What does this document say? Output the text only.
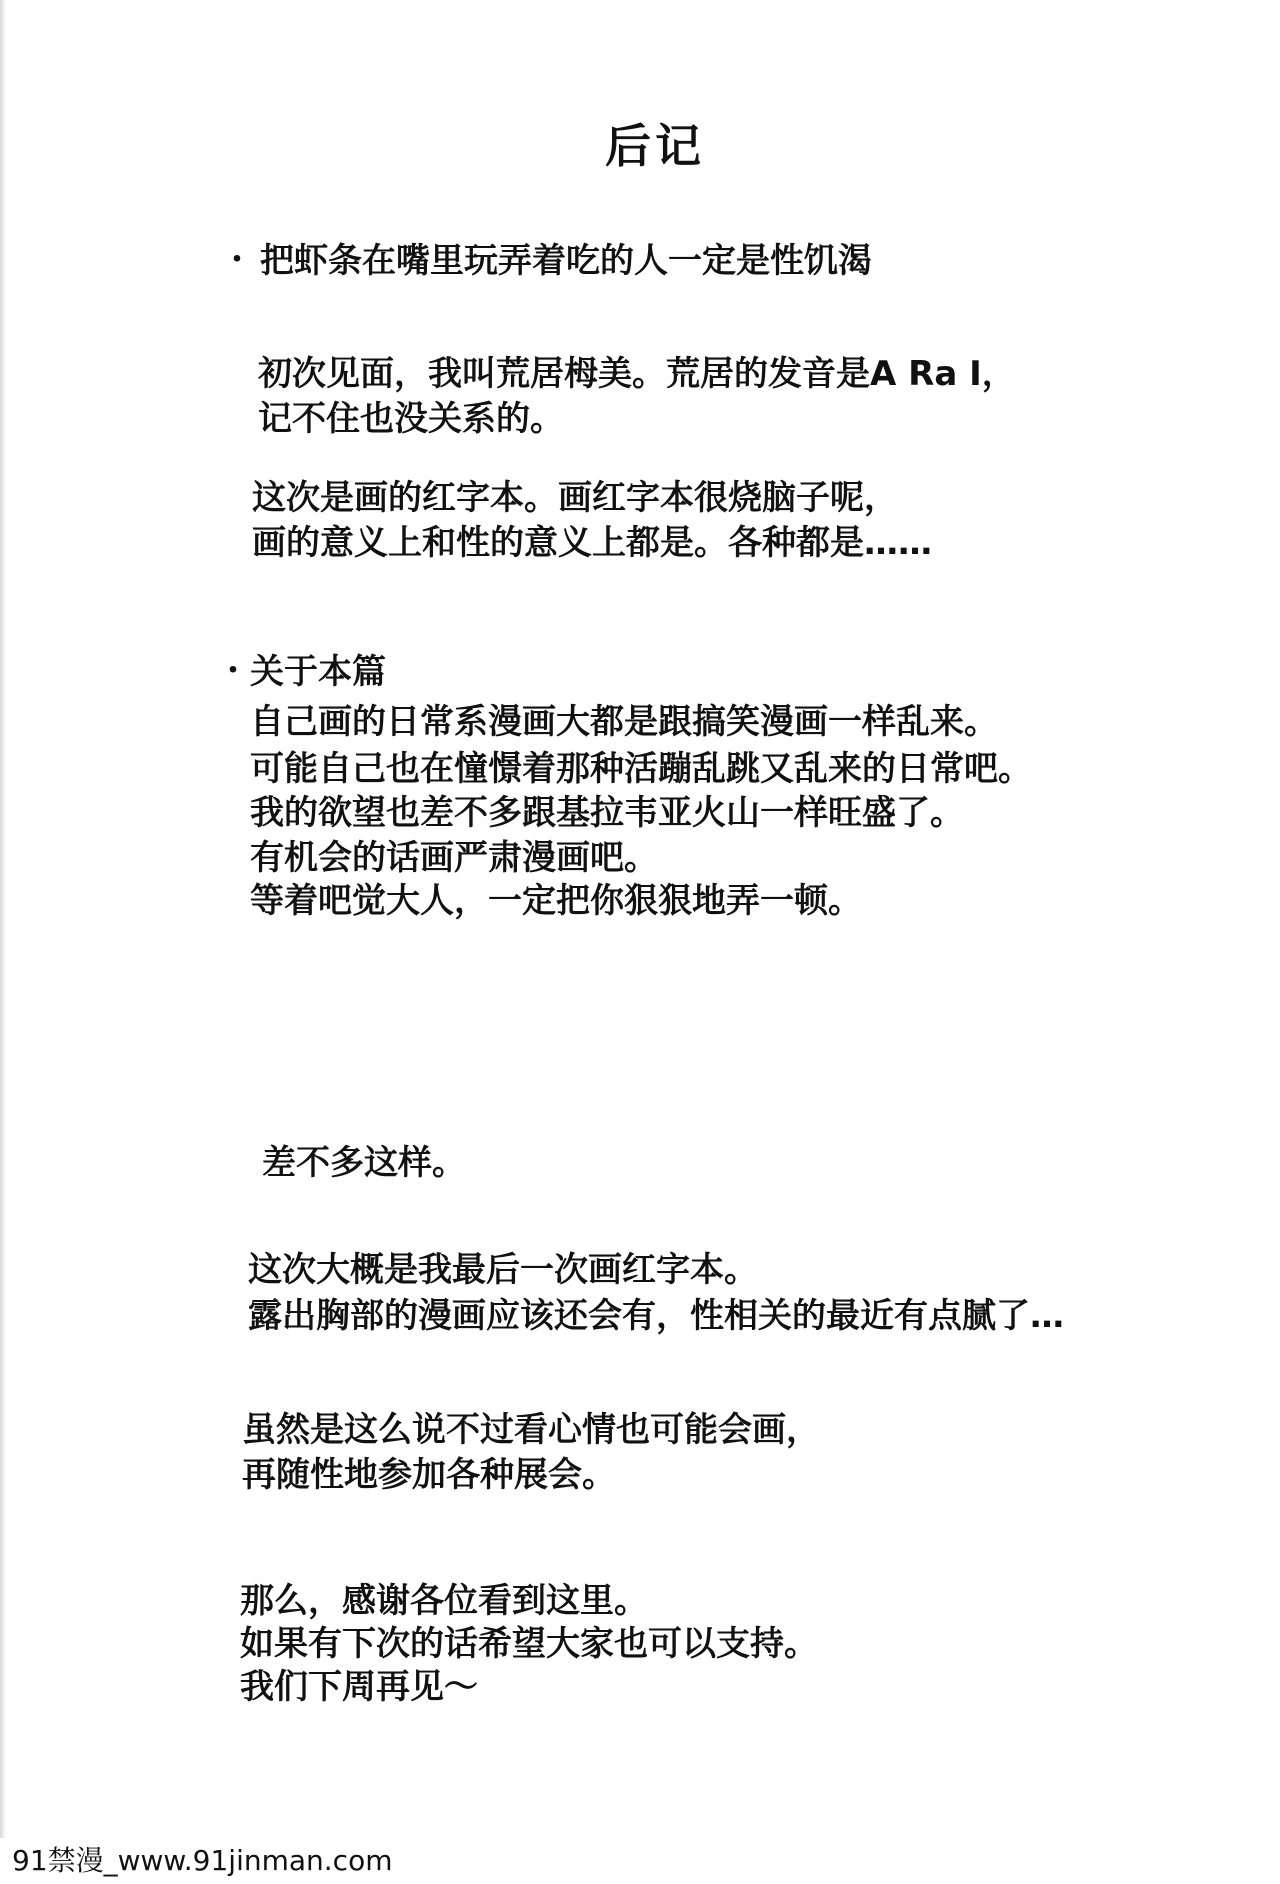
后记
・ 把虾条在嘴里玩弄着吃的人一定是性饥渴
初次见面，我叫荒居栂美。荒居的发音是A Ra I，
记不住也没关系的。
这次是画的红字本。画红字本很烧脑子呢，
画的意义上和性的意义上都是。各种都是……
・ 关于本篇
自己画的日常系漫画大都是跟搞笑漫画一样乱来。
可能自己也在憧憬着那种活蹦乱跳又乱来的日常吧。
我的欲望也差不多跟基拉韦亚火山一样旺盛了。
有机会的话画严肃漫画吧。
等着吧觉大人，一定把你狠狠地弄一顿。
差不多这样。
这次大概是我最后一次画红字本。
露出胸部的漫画应该还会有，性相关的最近有点腻了…
虽然是这么说不过看心情也可能会画，
再随性地参加各种展会。
那么，感谢各位看到这里。
如果有下次的话希望大家也可以支持。
我们下周再见～
91禁漫_www.91jinman.com
